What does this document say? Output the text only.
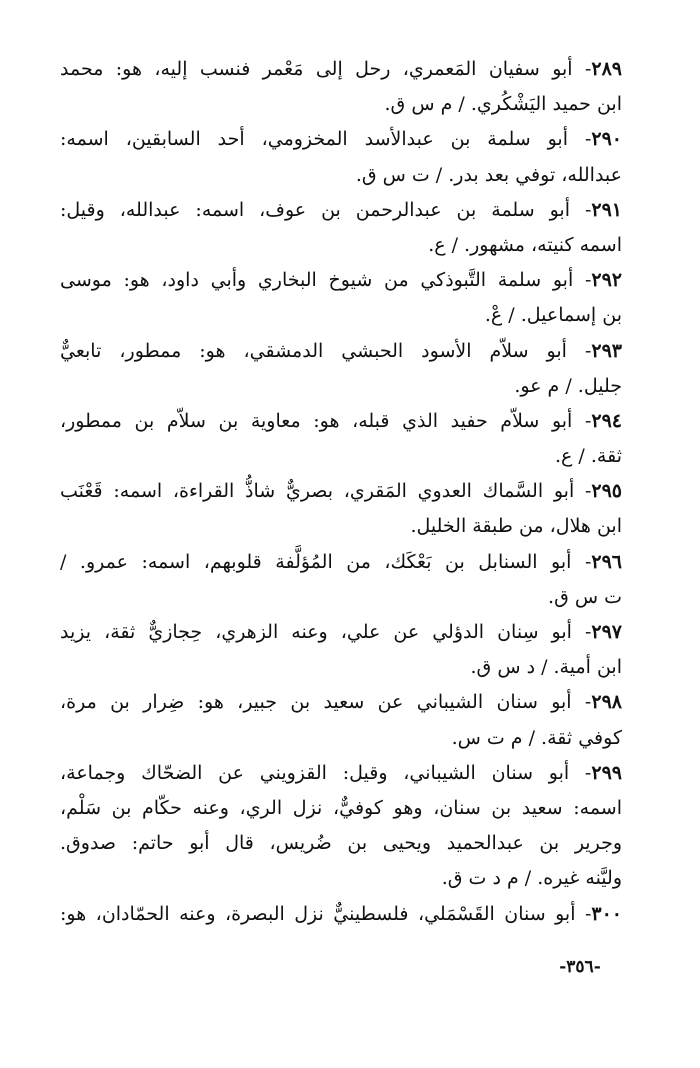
٢٨٩- أبو سفيان المَعمري، رحل إلى مَعْمر فنسب إليه، هو: محمد
ابن حميد اليَشْكُري. / م س ق.
٢٩٠- أبو سلمة بن عبدالأسد المخزومي، أحد السابقين، اسمه:
عبدالله، توفي بعد بدر. / ت س ق.
٢٩١- أبو سلمة بن عبدالرحمن بن عوف، اسمه: عبدالله، وقيل:
اسمه كنيته، مشهور. / ع.
٢٩٢- أبو سلمة التَّبوذكي من شيوخ البخاري وأبي داود، هو: موسى
بن إسماعيل. / عْ.
٢٩٣- أبو سلاّم الأسود الحبشي الدمشقي، هو: ممطور، تابعيٌّ
جليل. / م عو.
٢٩٤- أبو سلاّم حفيد الذي قبله، هو: معاوية بن سلاّم بن ممطور،
ثقة. / ع.
٢٩٥- أبو السَّماك العدوي المَقري، بصريٌّ شاذُّ القراءة، اسمه: قَعْنَب
ابن هلال، من طبقة الخليل.
٢٩٦- أبو السنابل بن بَعْكَك، من المُؤلَّفة قلوبهم، اسمه: عمرو. /
ت س ق.
٢٩٧- أبو سِنان الدؤلي عن علي، وعنه الزهري، حِجازيٌّ ثقة، يزيد
ابن أمية. / د س ق.
٢٩٨- أبو سنان الشيباني عن سعيد بن جبير، هو: ضِرار بن مرة،
كوفي ثقة. / م ت س.
٢٩٩- أبو سنان الشيباني، وقيل: القزويني عن الضحّاك وجماعة،
اسمه: سعيد بن سنان، وهو كوفيٌّ، نزل الري، وعنه حكّام بن سَلْم،
وجرير بن عبدالحميد ويحيى بن ضُريس، قال أبو حاتم: صدوق.
وليَّنه غيره. / م د ت ق.
٣٠٠- أبو سنان القَسْمَلي، فلسطينيٌّ نزل البصرة، وعنه الحمّادان، هو:
-٣٥٦-
